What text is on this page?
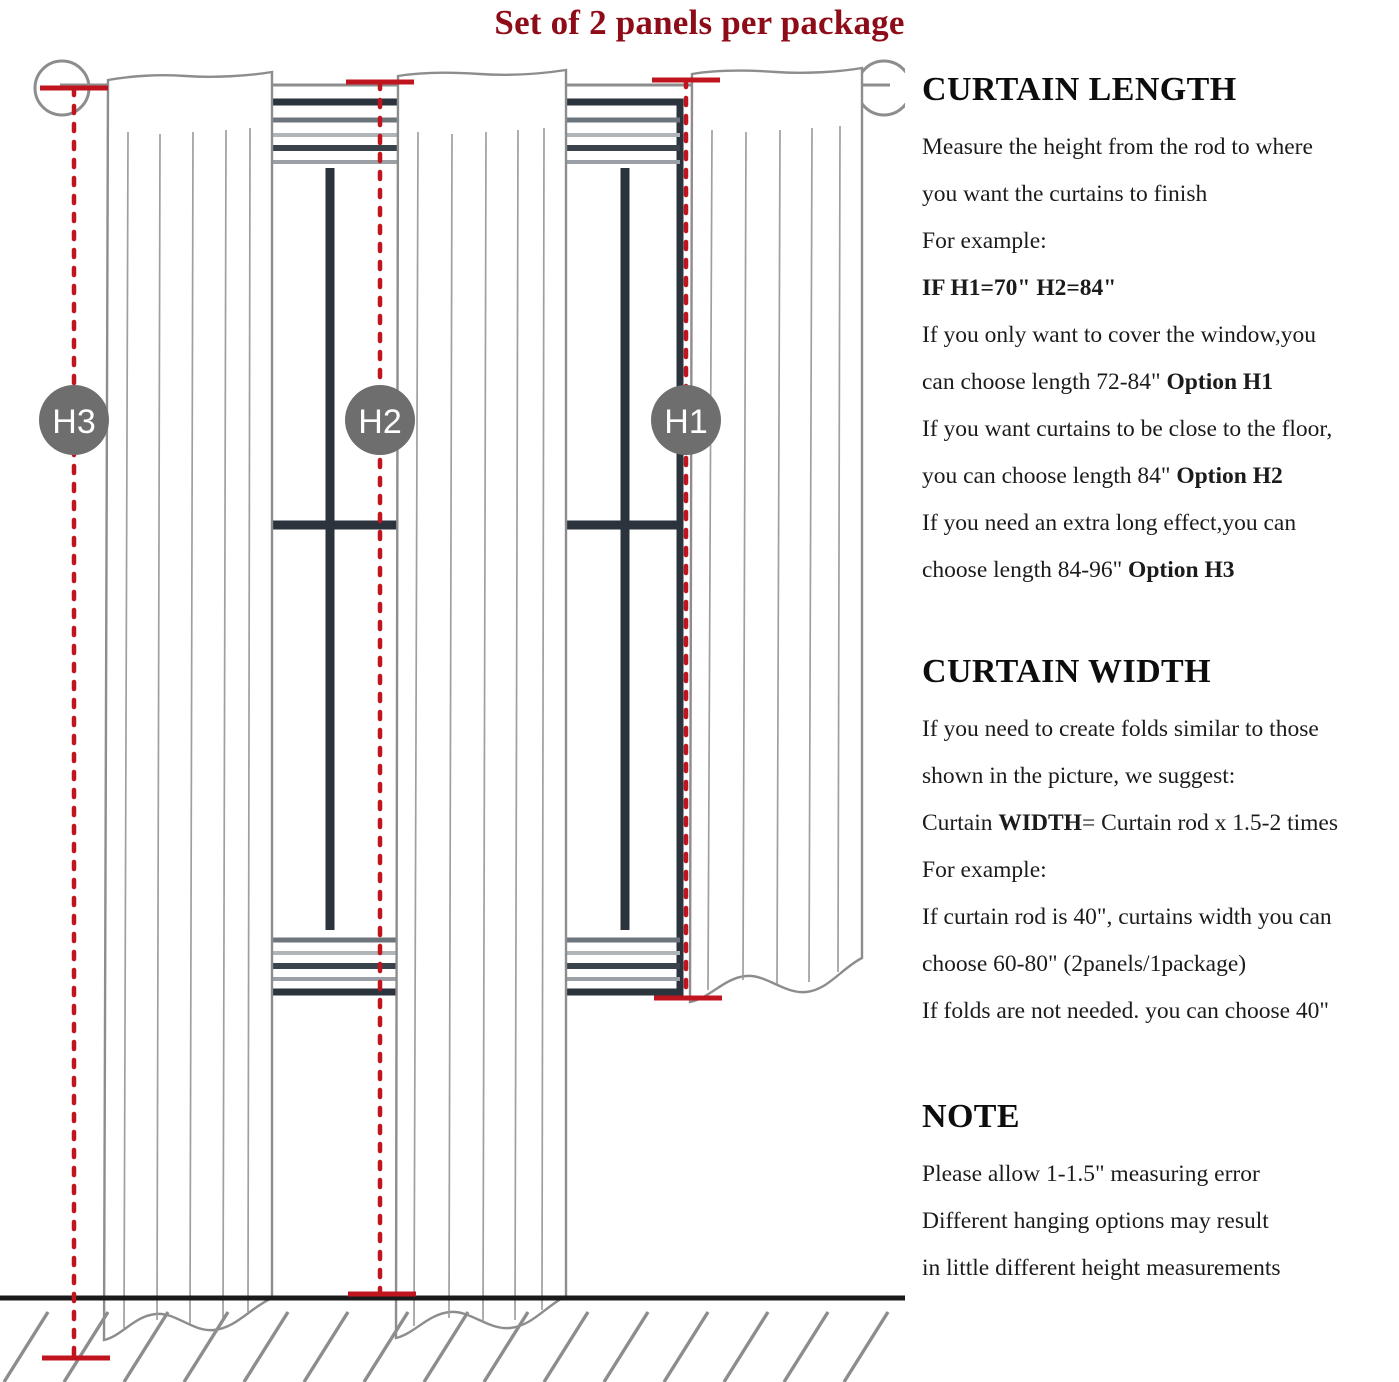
Set of 2 panels per package
H3	H2	H1
CURTAIN LENGTH

Measure the height from the rod to where

you want the curtains to finish

For example:

IF H1=70" H2=84"

If you only want to cover the window,you

can choose length 72-84" Option H1

If you want curtains to be close to the floor,

you can choose length 84" Option H2

If you need an extra long effect,you can

choose length 84-96" Option H3

CURTAIN WIDTH

If you need to create folds similar to those

shown in the picture, we suggest:

Curtain WIDTH= Curtain rod x 1.5-2 times

For example:

If curtain rod is 40", curtains width you can

choose 60-80" (2panels/1package)

If folds are not needed. you can choose 40"

NOTE

Please allow 1-1.5" measuring error

Different hanging options may result

in little different height measurements
